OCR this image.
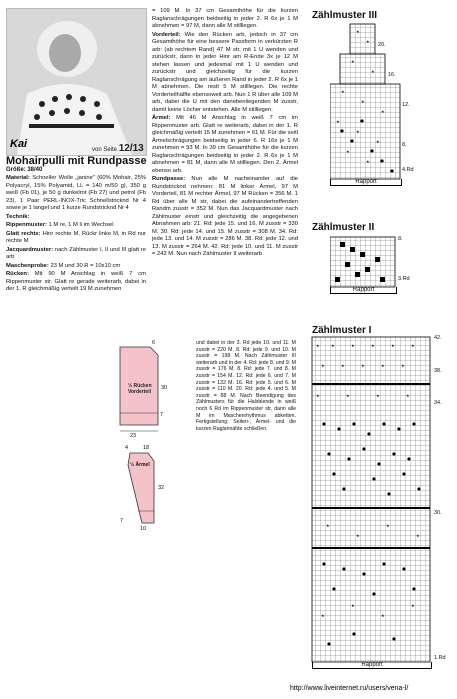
Kai	von Seite 12/13
Mohairpulli mit Rundpasse
Größe: 38/40

Material: Schoeller Wolle „janine" (60% Mohair, 25% Polyacryl, 15% Polyamid, LL = 140 m/50 g), 350 g weiß (Fb 01), je 50 g dunkelrot (Fb 27) und petrol (Fb 23), 1 Paar PERL-INOX-Tric Schnellstricknd Nr 4 sowie je 1 langel und 1 kurze Rundstricknd Nr 4

Technik:

Rippenmuster: 1 M re, 1 M li im Wechsel

Glatt rechts: Hinr rechte M, Rückr linke M, in Rd nur rechte M

Jacquardmuster: nach Zählmuster I, II und III glatt re arb

Maschenprobe: 23 M und 30 R = 10x10 cm

Rücken: Mit 90 M Anschlag in weiß 7 cm Rippenmuster str. Glatt re gerade weiterarb, dabei in der 1. R gleichmäßig verteilt 19 M zunehmen

= 109 M. In 37 cm Gesamthöhe für die kurzen Raglanschrägungen beidseitig in jeder 2. R 6x je 1 M abnehmen = 97 M, dann alle M stilllegen.

Vorderteil: Wie den Rücken arb, jedoch in 37 cm Gesamthöhe für eine bessere Passform in verkürzten R arb: (ab rechtem Rand) 47 M str, mit 1 U wenden und zurückstr, dann in jeder Hinr am R-Ende 3x je 12 M stehen lassen und jedesmal mit 1 U wenden und zurückstr und gleichzeitig für die kurzen Raglanschrägung am äußeren Rand in jeder 2. R 6x je 1 M abnehmen. Die restl 5 M stilllegen. Die rechte Vorderteilhälfte ebensoweit arb. Nun 1 R über alle 109 M arb, dabei die U mit den danebenliegenden M zusstr, damit keine Löcher entstehen. Alle M stilllegen.

Ärmel: Mit 46 M Anschlag in weiß 7 cm im Rippenmuster arb. Glatt re weiterarb, dabei in der 1. R gleichmäßig verteilt 15 M zunehmen = 61 M. Für die seitl Ärmelschrägungen beidseitig in jeder 6. R 16x je 1 M zunehmen = 93 M. In 39 cm Gesamthöhe für die kurzen Raglanschrägungen beidseitig in jeder 2. R 6x je 1 M abnehmen = 81 M, dann alle M stilllegen. Den 2. Ärmel ebenso arb.

Rundpasse: Nun alle M nacheinander auf die Rundstricknd nehmen: 81 M linker Ärmel, 97 M Vorderteil, 81 M rechter Ärmel, 97 M Rücken = 356 M. 1 Rd über alle M str, dabei die aufeinandertreffenden Randm zusstr = 352 M. Nun das Jacquardmuster nach Zählmuster einstr und gleichzeitig die angegebenen Abnahmen arb: 21. Rd: jede 15. und 16. M zusstr = 330 M. 30. Rd: jede 14. und 15. M zusstr = 308 M. 34. Rd: jede 13. und 14. M zusstr = 286 M. 38. Rd: jede 12. und 13. M zusstr = 264 M. 42. Rd: jede 10. und 11. M zusstr = 242 M. Nun nach Zählmuster II weiterarb

½ Rücken
Vorderteil
6
30
7
23
4	18
½ Ärmel
32
7
10
und dabei in der 3. Rd jede 10. und 11. M zusstr = 220 M. 8. Rd: jede 9. und 10. M zusstr = 198 M. Nach Zählmuster III weiterarb und in der 4. Rd: jede 8. und 9. M zusstr = 176 M. 8. Rd: jede 7. und 8. M zusstr = 154 M. 12. Rd: jede 6. und 7. M zusstr = 132 M. 16. Rd: jede 5. und 6. M zusstr = 110 M. 20. Rd: jede 4. und 5. M zusstr = 88 M. Nach Beendigung des Zählmusters für die Halsblende in weiß noch 6 Rd im Rippenmuster str, dann alle M im Maschenrhythmus abketten. Fertigstellung: Seiten-, Ärmel- und die kurzen Raglannähte schließen.
Zählmuster III
★
★
★
★
★
★
★
★
★
★
★
★
20.
16.
12.
8.
4.Rd
Rapport
Zählmuster II
8.
3.Rd
Rapport
Zählmuster I
★	★	★	★	★	★
★	★	★	★	★
★	★	★	★
★
★
★
★
★
★
★
★
42.
38.
34.
30.
1.Rd
Rapport
http://www.liveinternet.ru/users/vena-l/
